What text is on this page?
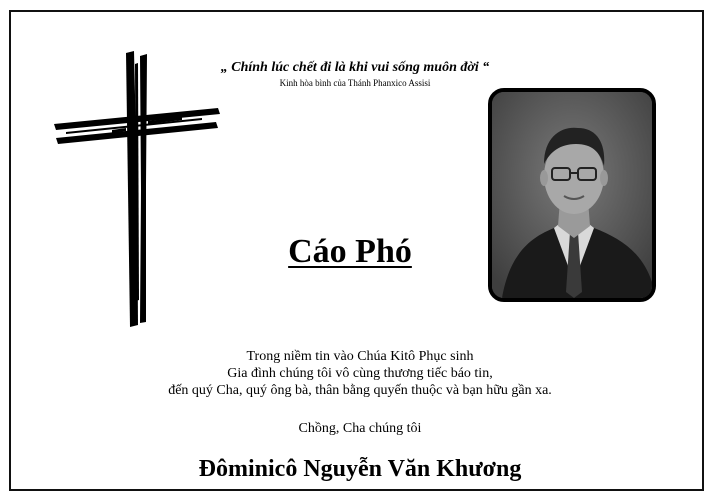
„ Chính lúc chết đi là khi vui sống muôn đời “
Kinh hòa bình của Thánh Phanxico Assisi
Cáo Phó
Trong niềm tin vào Chúa Kitô Phục sinh
Gia đình chúng tôi vô cùng thương tiếc báo tin,
đến quý Cha, quý ông bà, thân bằng quyến thuộc và bạn hữu gần xa.
Chồng, Cha chúng tôi
Đôminicô Nguyễn Văn Khương
